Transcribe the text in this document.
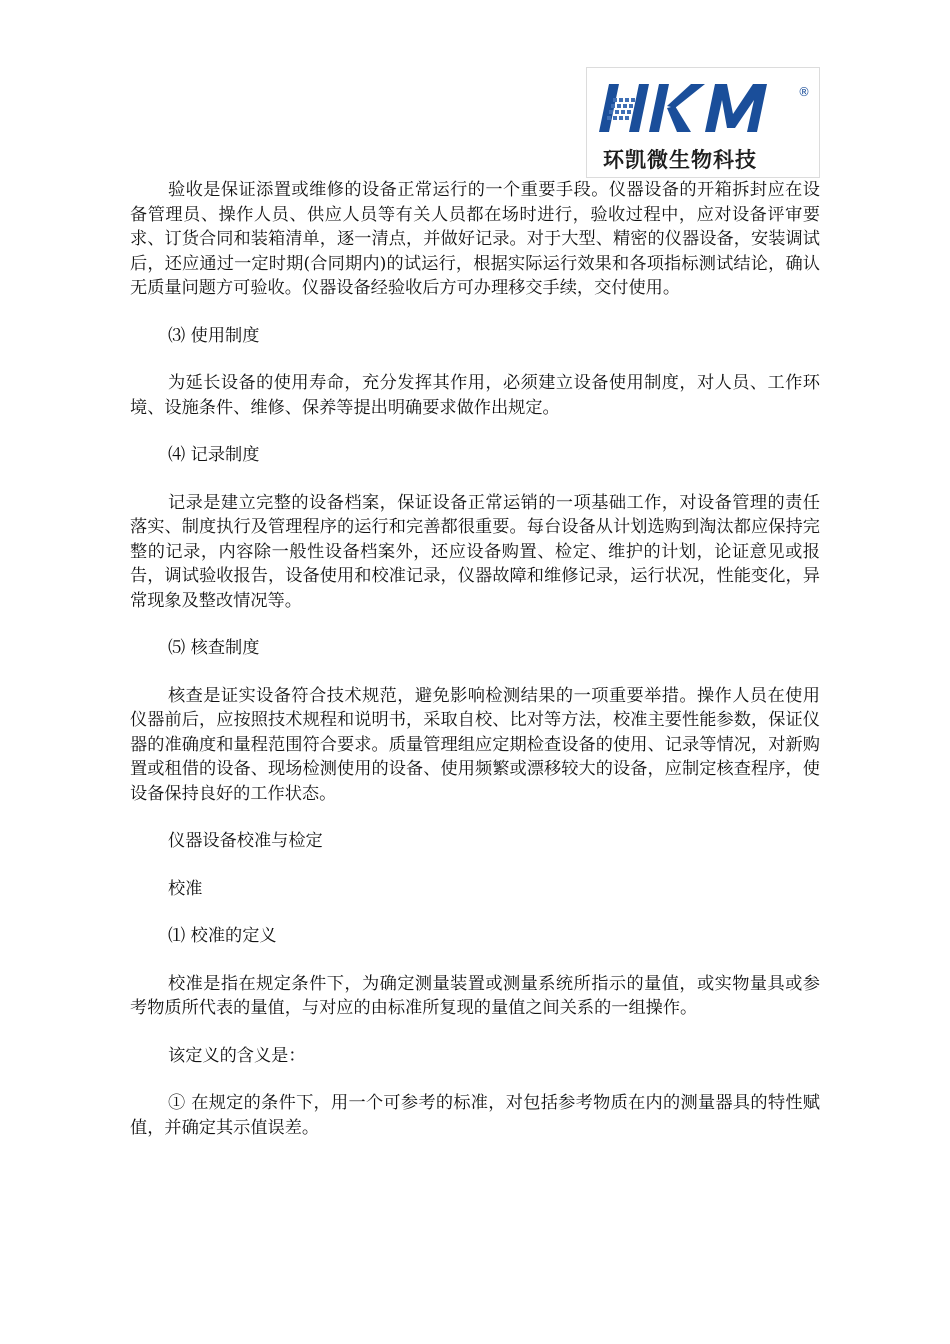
®
环凯微生物科技

验收是保证添置或维修的设备正常运行的一个重要手段。仪器设备的开箱拆封应在设备管理员、操作人员、供应人员等有关人员都在场时进行，验收过程中，应对设备评审要求、订货合同和装箱清单，逐一清点，并做好记录。对于大型、精密的仪器设备，安装调试后，还应通过一定时期(合同期内)的试运行，根据实际运行效果和各项指标测试结论，确认无质量问题方可验收。仪器设备经验收后方可办理移交手续，交付使用。

⑶ 使用制度

为延长设备的使用寿命，充分发挥其作用，必须建立设备使用制度，对人员、工作环境、设施条件、维修、保养等提出明确要求做作出规定。

⑷ 记录制度

记录是建立完整的设备档案，保证设备正常运销的一项基础工作，对设备管理的责任落实、制度执行及管理程序的运行和完善都很重要。每台设备从计划选购到淘汰都应保持完整的记录，内容除一般性设备档案外，还应设备购置、检定、维护的计划，论证意见或报告，调试验收报告，设备使用和校准记录，仪器故障和维修记录，运行状况，性能变化，异常现象及整改情况等。

⑸ 核查制度

核查是证实设备符合技术规范，避免影响检测结果的一项重要举措。操作人员在使用仪器前后，应按照技术规程和说明书，采取自校、比对等方法，校准主要性能参数，保证仪器的准确度和量程范围符合要求。质量管理组应定期检查设备的使用、记录等情况，对新购置或租借的设备、现场检测使用的设备、使用频繁或漂移较大的设备，应制定核查程序，使设备保持良好的工作状态。

仪器设备校准与检定

校准

⑴ 校准的定义

校准是指在规定条件下，为确定测量装置或测量系统所指示的量值，或实物量具或参考物质所代表的量值，与对应的由标准所复现的量值之间关系的一组操作。

该定义的含义是：

① 在规定的条件下，用一个可参考的标准，对包括参考物质在内的测量器具的特性赋值，并确定其示值误差。
